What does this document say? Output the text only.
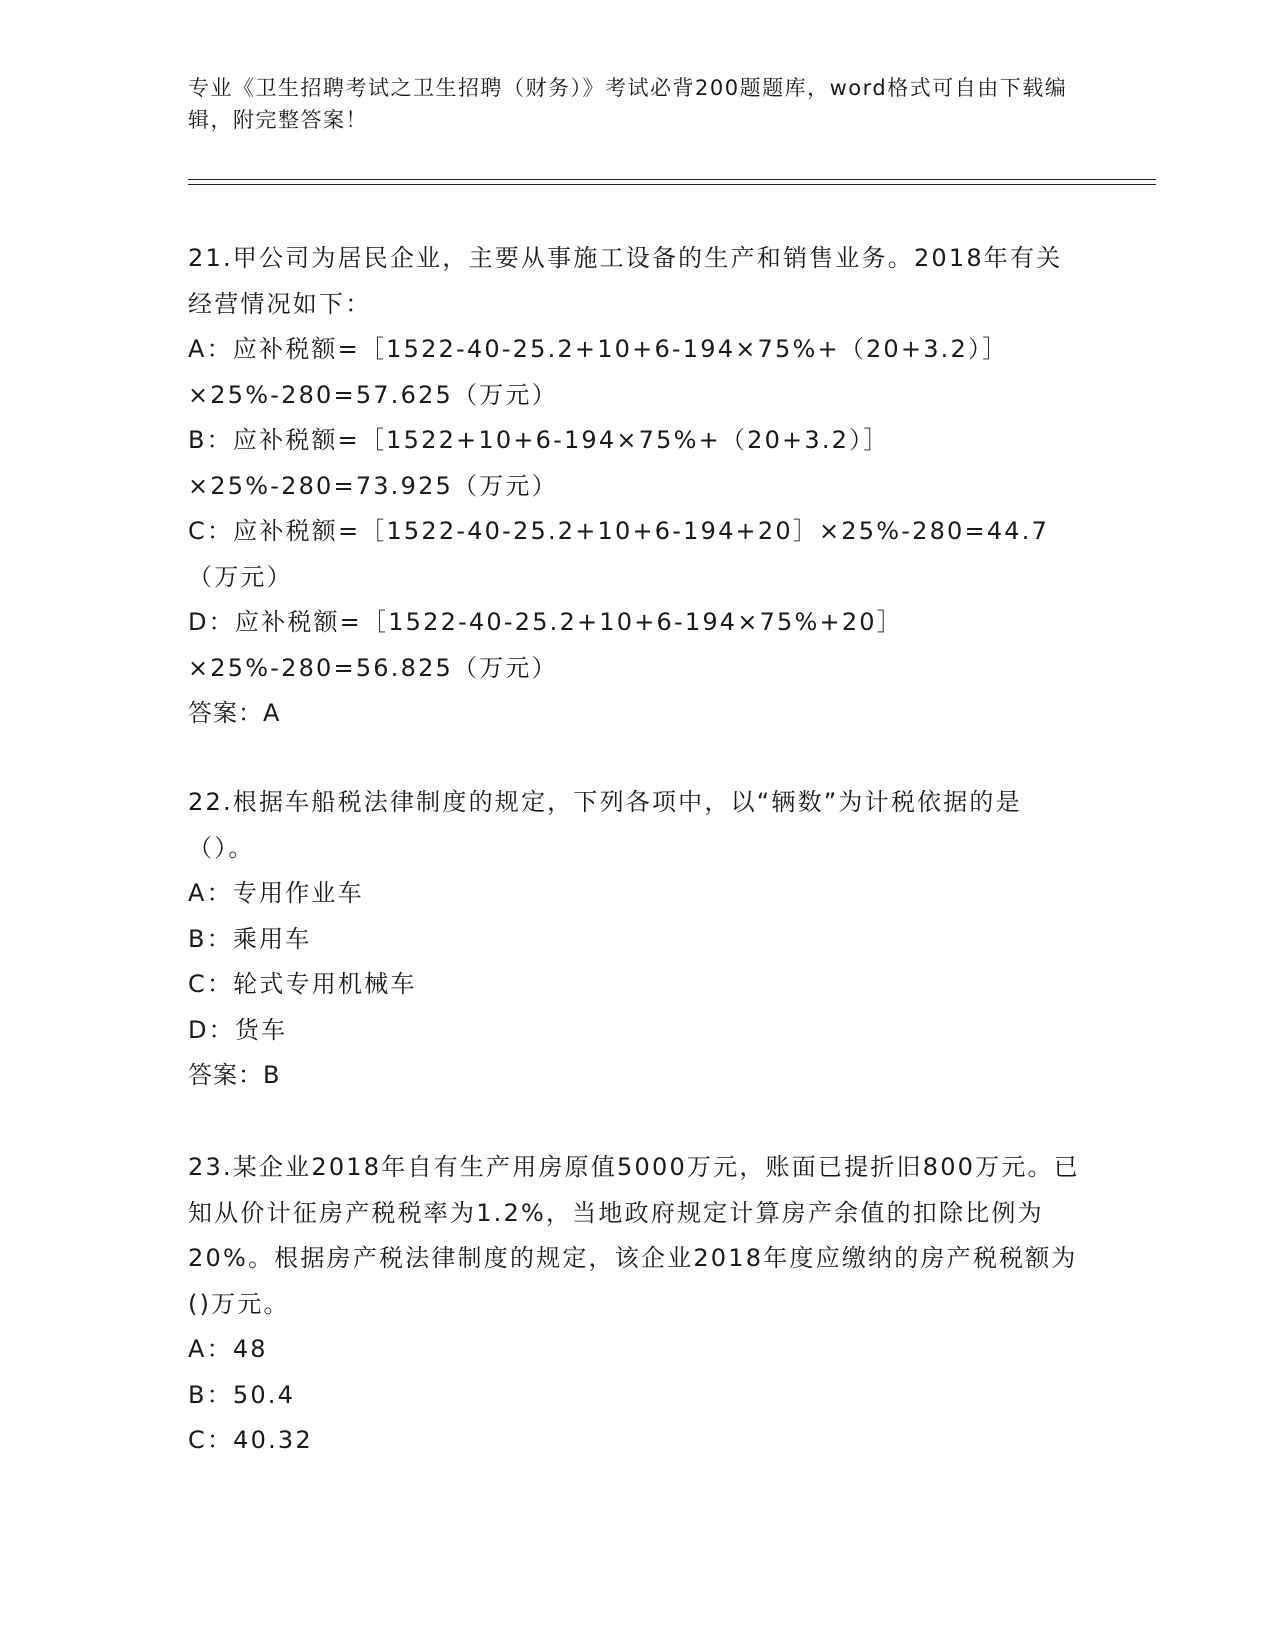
专业《卫生招聘考试之卫生招聘（财务）》考试必背200题题库，word格式可自由下载编辑，附完整答案！
21.甲公司为居民企业，主要从事施工设备的生产和销售业务。2018年有关经营情况如下：
A：应补税额=［1522-40-25.2+10+6-194×75%+（20+3.2）］×25%-280=57.625（万元）
B：应补税额=［1522+10+6-194×75%+（20+3.2）］×25%-280=73.925（万元）
C：应补税额=［1522-40-25.2+10+6-194+20］×25%-280=44.7（万元）
D：应补税额=［1522-40-25.2+10+6-194×75%+20］×25%-280=56.825（万元）
答案：A
22.根据车船税法律制度的规定，下列各项中，以“辆数”为计税依据的是（）。
A：专用作业车
B：乘用车
C：轮式专用机械车
D：货车
答案：B
23.某企业2018年自有生产用房原值5000万元，账面已提折旧800万元。已知从价计征房产税税率为1.2%，当地政府规定计算房产余值的扣除比例为20%。根据房产税法律制度的规定，该企业2018年度应缴纳的房产税税额为()万元。
A：48
B：50.4
C：40.32
